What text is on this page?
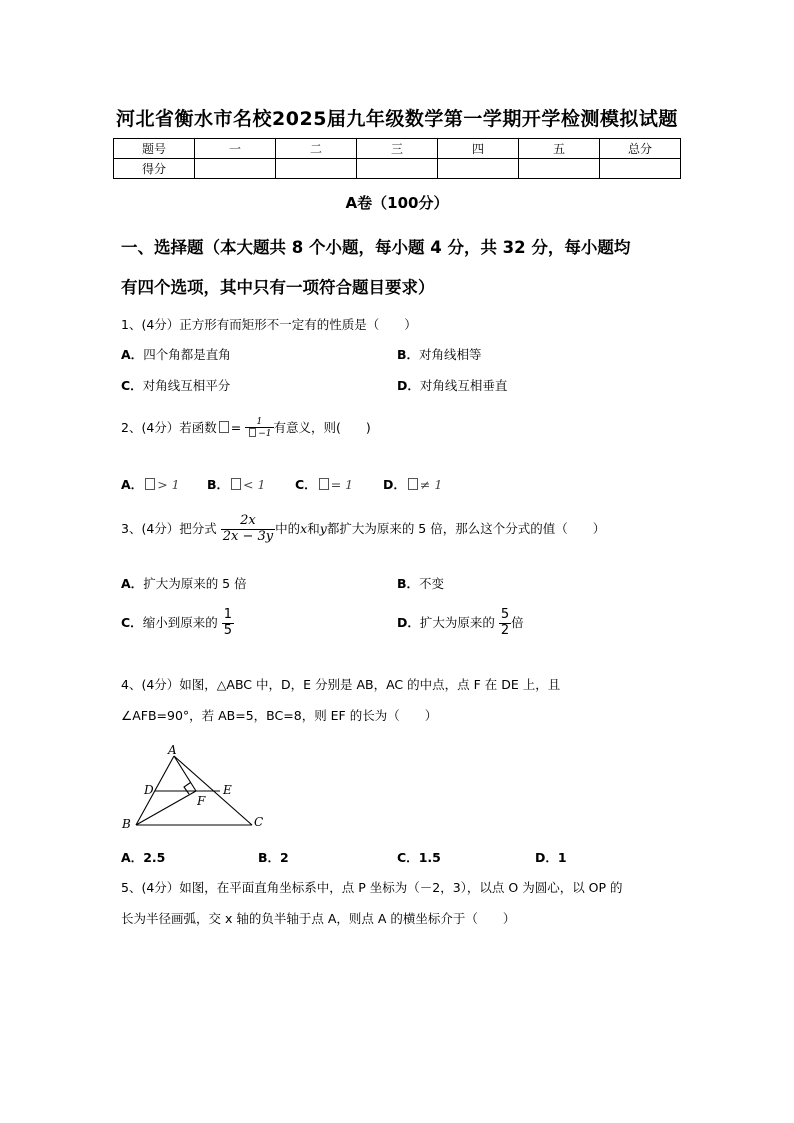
河北省衡水市名校2025届九年级数学第一学期开学检测模拟试题
题号	一	二	三	四	五	总分
得分						
A卷（100分）
一、选择题（本大题共 8 个小题，每小题 4 分，共 32 分，每小题均
有四个选项，其中只有一项符合题目要求）
1、(4分）正方形有而矩形不一定有的性质是（　　）
A．四个角都是直角	B．对角线相等
C．对角线互相平分	D．对角线互相垂直
2、(4分）若函数 = $\frac{1}{-1}$ 有意义，则(　　)
A． > 1 B． < 1 C． = 1 D． ≠ 1
3、(4分）把分式 $\frac{2x}{2x - 3y}$ 中的x和y都扩大为原来的 5 倍，那么这个分式的值（　　）
A．扩大为原来的 5 倍	B．不变
C．缩小到原来的 $\frac{1}{5}$	D．扩大为原来的 $\frac{5}{2}$ 倍
4、(4分）如图，△ABC 中，D，E 分别是 AB，AC 的中点，点 F 在 DE 上，且
∠AFB=90°，若 AB=5，BC=8，则 EF 的长为（　　）
A
D	E
F
B	C
A．2.5	B．2	C．1.5	D．1
5、(4分）如图，在平面直角坐标系中，点 P 坐标为（－2，3），以点 O 为圆心，以 OP 的
长为半径画弧，交 x 轴的负半轴于点 A，则点 A 的横坐标介于（　　）
